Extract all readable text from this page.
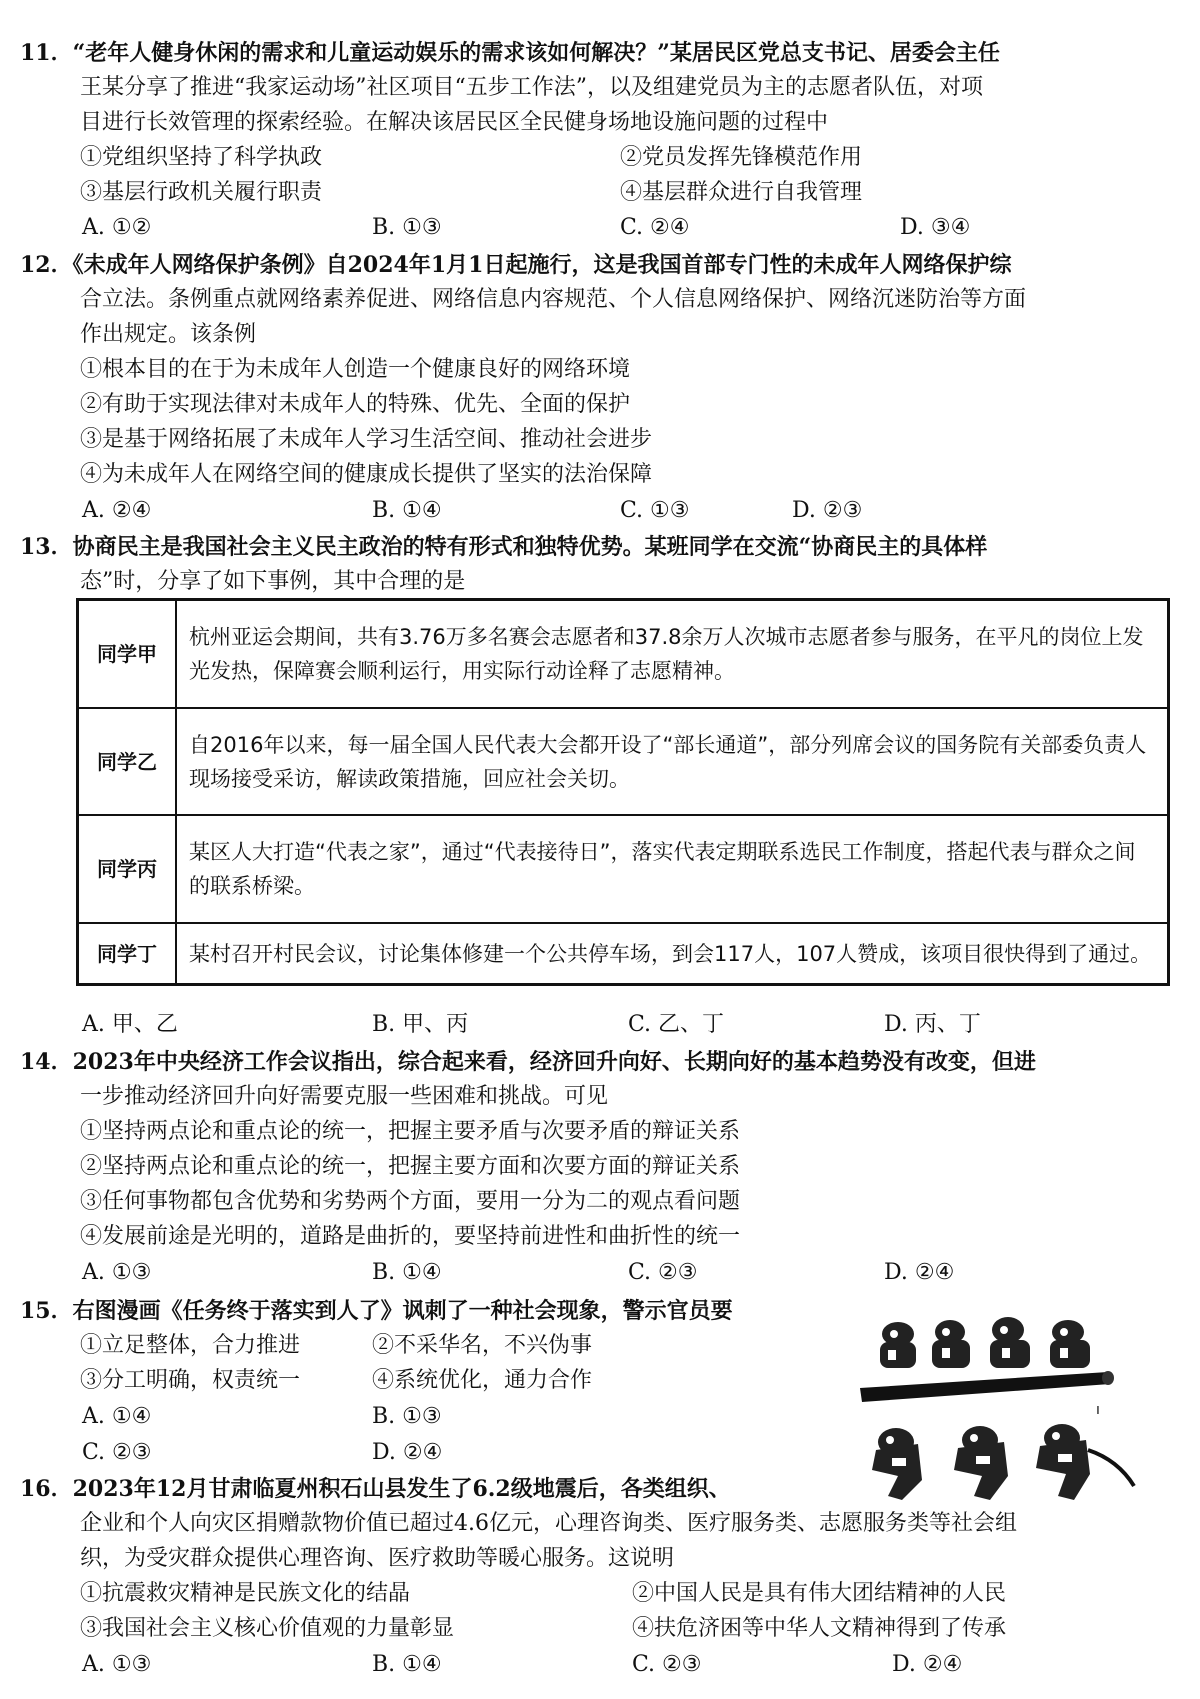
11．“老年人健身休闲的需求和儿童运动娱乐的需求该如何解决？”某居民区党总支书记、居委会主任
王某分享了推进“我家运动场”社区项目“五步工作法”，以及组建党员为主的志愿者队伍，对项
目进行长效管理的探索经验。在解决该居民区全民健身场地设施问题的过程中
①党组织坚持了科学执政	②党员发挥先锋模范作用
③基层行政机关履行职责	④基层群众进行自我管理
A. ①②	B. ①③	C. ②④	D. ③④
12．《未成年人网络保护条例》自2024年1月1日起施行，这是我国首部专门性的未成年人网络保护综
合立法。条例重点就网络素养促进、网络信息内容规范、个人信息网络保护、网络沉迷防治等方面
作出规定。该条例
①根本目的在于为未成年人创造一个健康良好的网络环境
②有助于实现法律对未成年人的特殊、优先、全面的保护
③是基于网络拓展了未成年人学习生活空间、推动社会进步
④为未成年人在网络空间的健康成长提供了坚实的法治保障
A. ②④	B. ①④	C. ①③	D. ②③
13．协商民主是我国社会主义民主政治的特有形式和独特优势。某班同学在交流“协商民主的具体样
态”时，分享了如下事例，其中合理的是
同学甲	杭州亚运会期间，共有3.76万多名赛会志愿者和37.8余万人次城市志愿者参与服务，在平凡的岗位上发光发热，保障赛会顺利运行，用实际行动诠释了志愿精神。
同学乙	自2016年以来，每一届全国人民代表大会都开设了“部长通道”，部分列席会议的国务院有关部委负责人现场接受采访，解读政策措施，回应社会关切。
同学丙	某区人大打造“代表之家”，通过“代表接待日”，落实代表定期联系选民工作制度，搭起代表与群众之间的联系桥梁。
同学丁	某村召开村民会议，讨论集体修建一个公共停车场，到会117人，107人赞成，该项目很快得到了通过。
A. 甲、乙	B. 甲、丙	C. 乙、丁	D. 丙、丁
14．2023年中央经济工作会议指出，综合起来看，经济回升向好、长期向好的基本趋势没有改变，但进
一步推动经济回升向好需要克服一些困难和挑战。可见
①坚持两点论和重点论的统一，把握主要矛盾与次要矛盾的辩证关系
②坚持两点论和重点论的统一，把握主要方面和次要方面的辩证关系
③任何事物都包含优势和劣势两个方面，要用一分为二的观点看问题
④发展前途是光明的，道路是曲折的，要坚持前进性和曲折性的统一
A. ①③	B. ①④	C. ②③	D. ②④
15．右图漫画《任务终于落实到人了》讽刺了一种社会现象，警示官员要
①立足整体，合力推进	②不采华名，不兴伪事
③分工明确，权责统一	④系统优化，通力合作
A. ①④	B. ①③
C. ②③	D. ②④
ı
16．2023年12月甘肃临夏州积石山县发生了6.2级地震后，各类组织、
企业和个人向灾区捐赠款物价值已超过4.6亿元，心理咨询类、医疗服务类、志愿服务类等社会组
织，为受灾群众提供心理咨询、医疗救助等暖心服务。这说明
①抗震救灾精神是民族文化的结晶	②中国人民是具有伟大团结精神的人民
③我国社会主义核心价值观的力量彰显	④扶危济困等中华人文精神得到了传承
A. ①③	B. ①④	C. ②③	D. ②④
